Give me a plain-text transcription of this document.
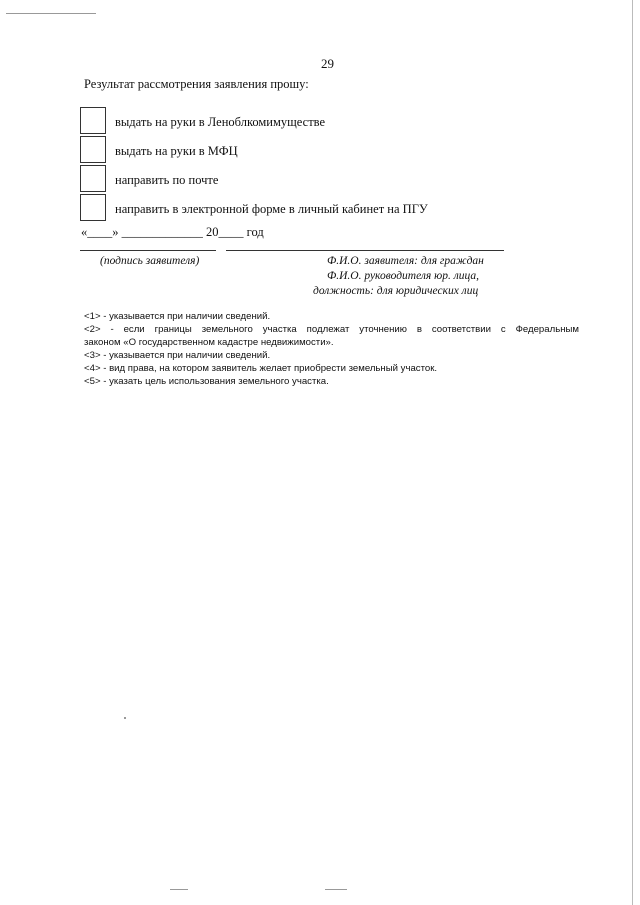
29
Результат рассмотрения заявления прошу:
выдать на руки в Леноблкомимуществе
выдать на руки в МФЦ
направить по почте
направить в электронной форме в личный кабинет на ПГУ
«____» _____________ 20____ год
(подпись заявителя)	Ф.И.О. заявителя: для граждан
Ф.И.О. руководителя юр. лица,
должность: для юридических лиц
<1> - указывается при наличии сведений.
<2> - если границы земельного участка подлежат уточнению в соответствии с Федеральным
законом «О государственном кадастре недвижимости».
<3> - указывается при наличии сведений.
<4> - вид права, на котором заявитель желает приобрести земельный участок.
<5> - указать цель использования земельного участка.
